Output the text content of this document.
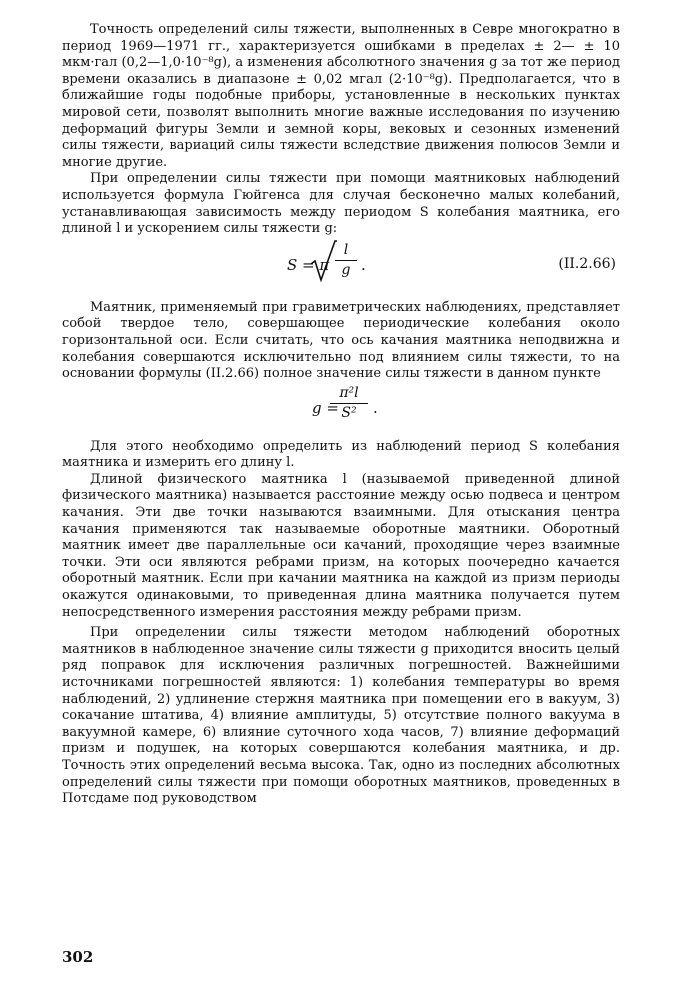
Точность определений силы тяжести, выполненных в Севре многократно в период 1969—1971 гг., характеризуется ошибками в пределах ± 2— ± 10 мкм·гал (0,2—1,0·10⁻⁸g), а изменения абсолютного значения g за тот же период времени оказались в диапазоне ± 0,02 мгал (2·10⁻⁸g). Предполагается, что в ближайшие годы подобные приборы, установленные в нескольких пунктах мировой сети, позволят выполнить многие важные исследования по изучению деформаций фигуры Земли и земной коры, вековых и сезонных изменений силы тяжести, вариаций силы тяжести вследствие движения полюсов Земли и многие другие.

При определении силы тяжести при помощи маятниковых наблюдений используется формула Гюйгенса для случая бесконечно малых колебаний, устанавливающая зависимость между периодом S колебания маятника, его длиной l и ускорением силы тяжести g:

S = π
l
g .	(II.2.66)

Маятник, применяемый при гравиметрических наблюдениях, представляет собой твердое тело, совершающее периодические колебания около горизонтальной оси. Если считать, что ось качания маятника неподвижна и колебания совершаются исключительно под влиянием силы тяжести, то на основании формулы (II.2.66) полное значение силы тяжести в данном пункте

g =
π²l
S²	.

Для этого необходимо определить из наблюдений период S колебания маятника и измерить его длину l.

Длиной физического маятника l (называемой приведенной длиной физического маятника) называется расстояние между осью подвеса и центром качания. Эти две точки называются взаимными. Для отыскания центра качания применяются так называемые оборотные маятники. Оборотный маятник имеет две параллельные оси качаний, проходящие через взаимные точки. Эти оси являются ребрами призм, на которых поочередно качается оборотный маятник. Если при качании маятника на каждой из призм периоды окажутся одинаковыми, то приведенная длина маятника получается путем непосредственного измерения расстояния между ребрами призм.

При определении силы тяжести методом наблюдений оборотных маятников в наблюденное значение силы тяжести g приходится вносить целый ряд поправок для исключения различных погрешностей. Важнейшими источниками погрешностей являются: 1) колебания температуры во время наблюдений, 2) удлинение стержня маятника при помещении его в вакуум, 3) сокачание штатива, 4) влияние амплитуды, 5) отсутствие полного вакуума в вакуумной камере, 6) влияние суточного хода часов, 7) влияние деформаций призм и подушек, на которых совершаются колебания маятника, и др. Точность этих определений весьма высока. Так, одно из последних абсолютных определений силы тяжести при помощи оборотных маятников, проведенных в Потсдаме под руководством

302
